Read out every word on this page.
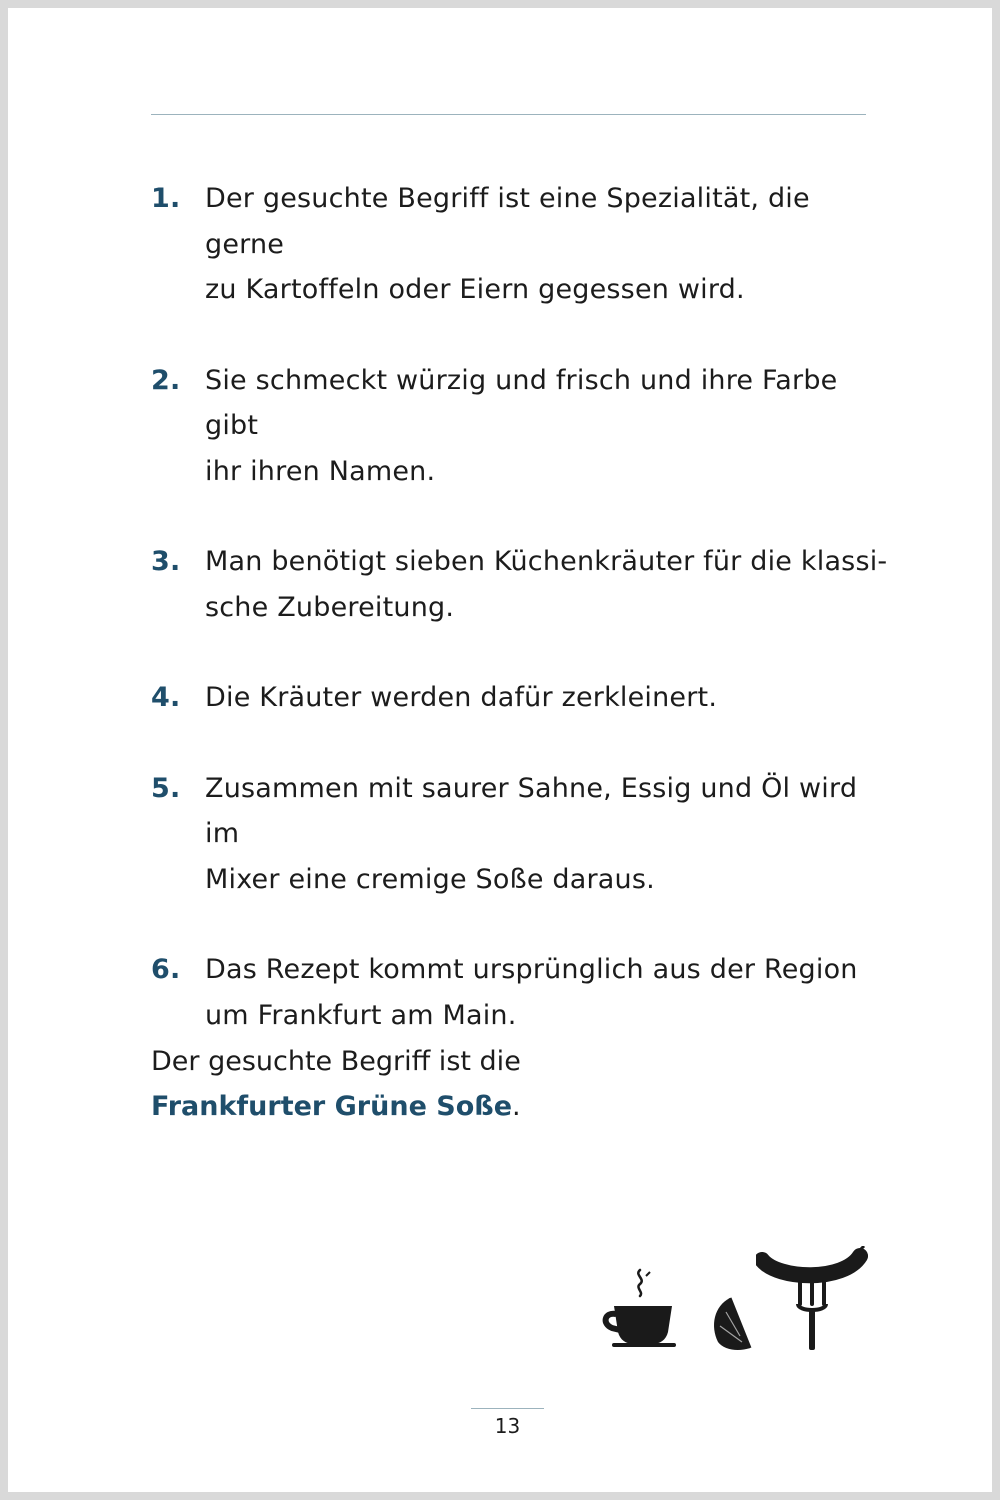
1. Der gesuchte Begriff ist eine Spezialität, die gerne
zu Kartoffeln oder Eiern gegessen wird.
2. Sie schmeckt würzig und frisch und ihre Farbe gibt
ihr ihren Namen.
3. Man benötigt sieben Küchenkräuter für die klassi-
sche Zubereitung.
4. Die Kräuter werden dafür zerkleinert.
5. Zusammen mit saurer Sahne, Essig und Öl wird im
Mixer eine cremige Soße daraus.
6. Das Rezept kommt ursprünglich aus der Region
um Frankfurt am Main.
Der gesuchte Begriff ist die
Frankfurter Grüne Soße.
13
